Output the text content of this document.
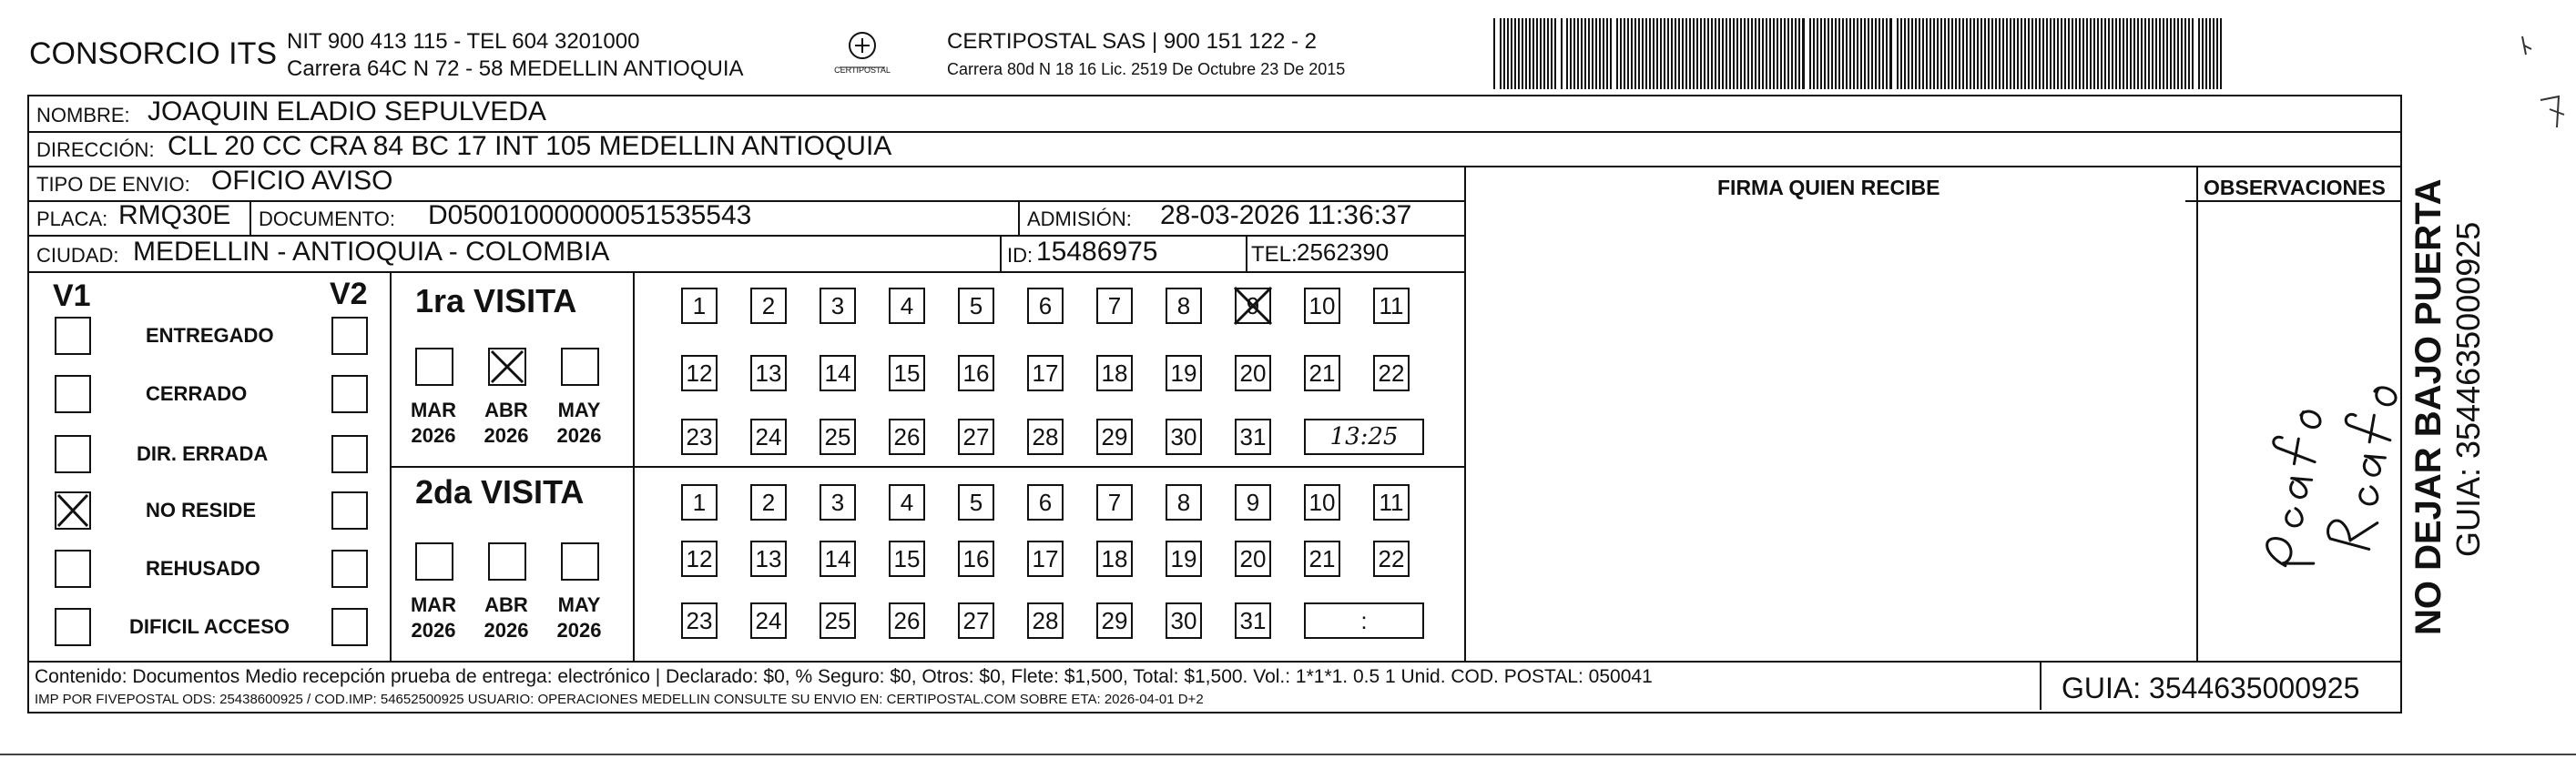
CONSORCIO ITS NIT 900 413 115 - TEL 604 3201000
Carrera 64C N 72 - 58 MEDELLIN ANTIOQUIA	CERTIPOSTAL
CERTIPOSTAL SAS | 900 151 122 - 2
Carrera 80d N 18 16 Lic. 2519 De Octubre 23 De 2015
NOMBRE: JOAQUIN ELADIO SEPULVEDA
DIRECCIÓN: CLL 20 CC CRA 84 BC 17 INT 105 MEDELLIN ANTIOQUIA
TIPO DE ENVIO: OFICIO AVISO
PLACA: RMQ30E DOCUMENTO: D05001000000051535543	ADMISIÓN: 28-03-2026 11:36:37
CIUDAD: MEDELLIN - ANTIOQUIA - COLOMBIA	ID: 15486975	TEL: 2562390
FIRMA QUIEN RECIBE	OBSERVACIONES
V1	V2 1ra VISITA
2da VISITA
Contenido: Documentos Medio recepción prueba de entrega: electrónico | Declarado: $0, % Seguro: $0, Otros: $0, Flete: $1,500, Total: $1,500. Vol.: 1*1*1. 0.5 1 Unid. COD. POSTAL: 050041
IMP POR FIVEPOSTAL ODS: 25438600925 / COD.IMP: 54652500925 USUARIO: OPERACIONES MEDELLIN CONSULTE SU ENVIO EN: CERTIPOSTAL.COM SOBRE ETA: 2026-04-01 D+2	GUIA: 3544635000925
NO DEJAR BAJO PUERTA GUIA: 3544635000925
ENTREGADO
CERRADO
DIR. ERRADA
NO RESIDE
REHUSADO
DIFICIL ACCESO
MAR
2026
ABR
2026
MAY
2026
MAR
2026
ABR
2026
MAY
2026
1	2	3	4	5	6	7	8	9	10 11
12 13 14 15 16 17 18 19 20 21 22
23 24 25 26 27 28 29 30 31	13:25
1	2	3	4	5	6	7	8	9	10 11
12 13 14 15 16 17 18 19 20 21 22
23 24 25 26 27 28 29 30 31	:
